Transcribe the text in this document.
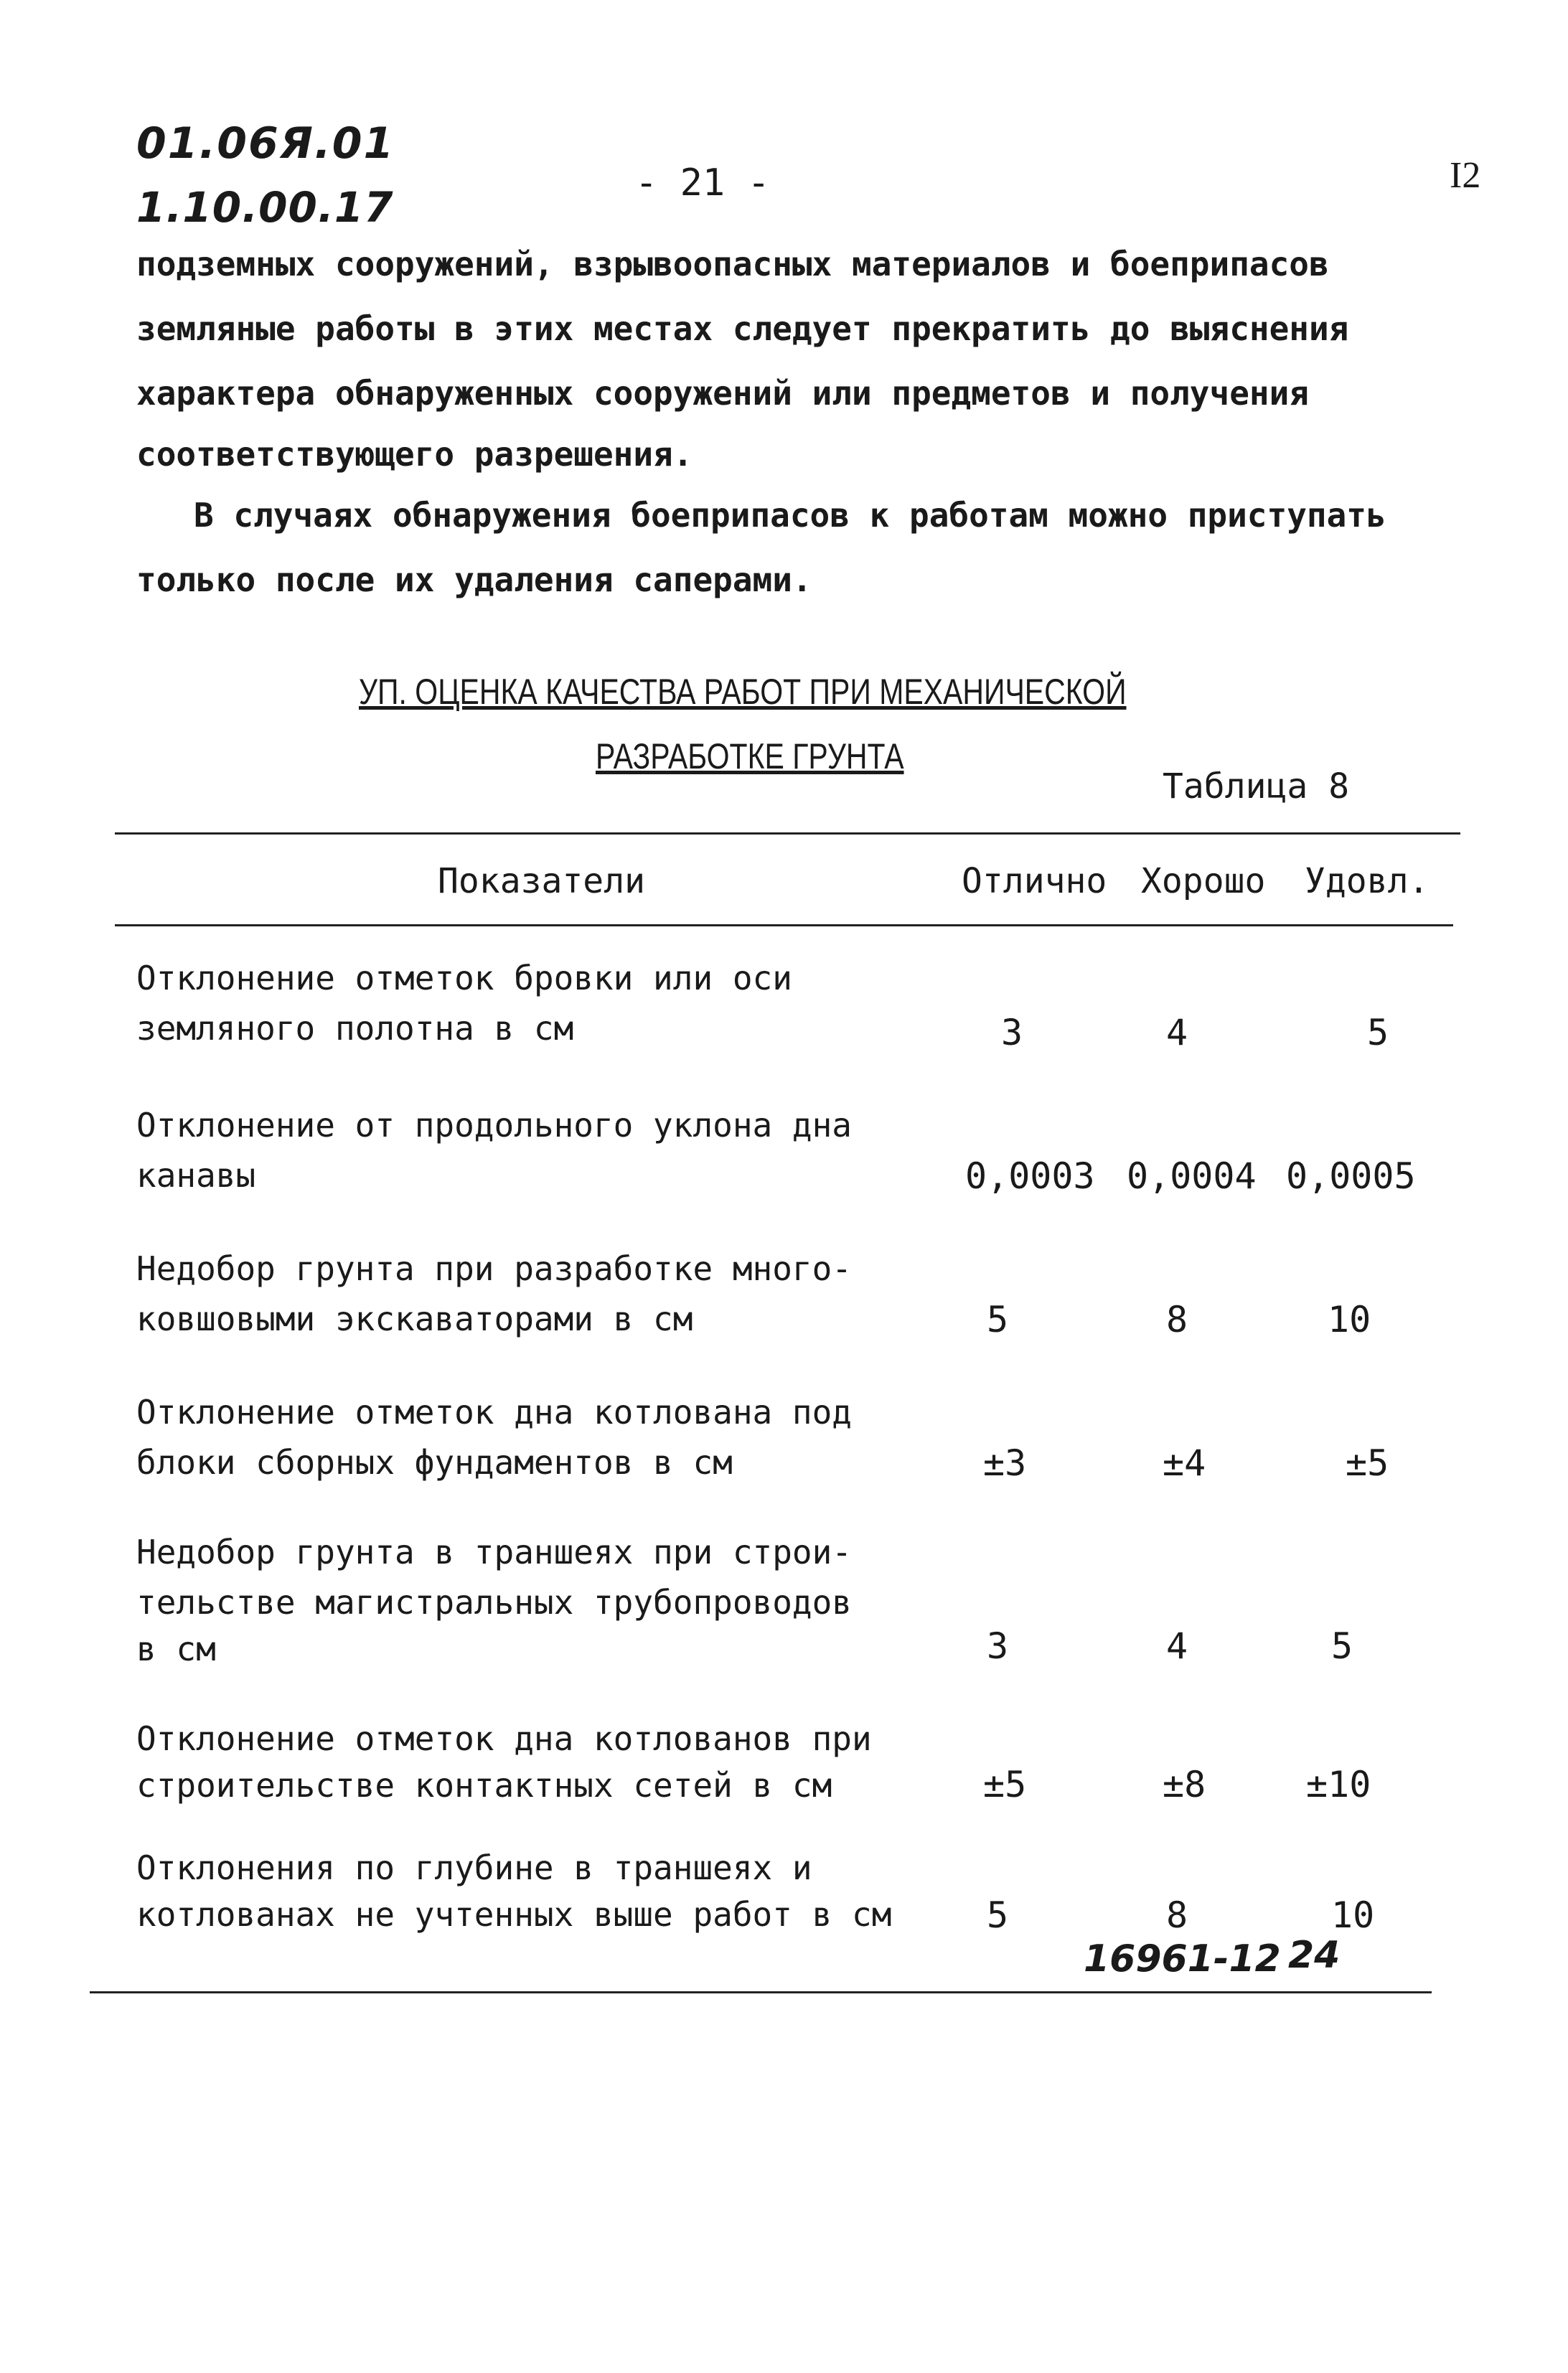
01.06Я.01
1.10.00.17	- 21 -	I2
подземных сооружений, взрывоопасных материалов и боеприпасов
земляные работы в этих местах следует прекратить до выяснения
характера обнаруженных сооружений или предметов и получения
соответствующего разрешения.
В случаях обнаружения боеприпасов к работам можно приступать
только после их удаления саперами.
УП. ОЦЕНКА КАЧЕСТВА РАБОТ ПРИ МЕХАНИЧЕСКОЙ
РАЗРАБОТКЕ ГРУНТА
Таблица 8
Показатели	Отлично Хорошо Удовл.
Отклонение отметок бровки или оси
земляного полотна в см	3	4	5
Отклонение от продольного уклона дна
канавы	0,0003 0,0004 0,0005
Недобор грунта при разработке много-
ковшовыми экскаваторами в см	5	8	10
Отклонение отметок дна котлована под
блоки сборных фундаментов в см	±3	±4	±5
Недобор грунта в траншеях при строи-
тельстве магистральных трубопроводов
в см	3	4	5
Отклонение отметок дна котлованов при
строительстве контактных сетей в см	±5	±8	±10
Отклонения по глубине в траншеях и
котлованах не учтенных выше работ в см	5	8	10
16961-12 24
